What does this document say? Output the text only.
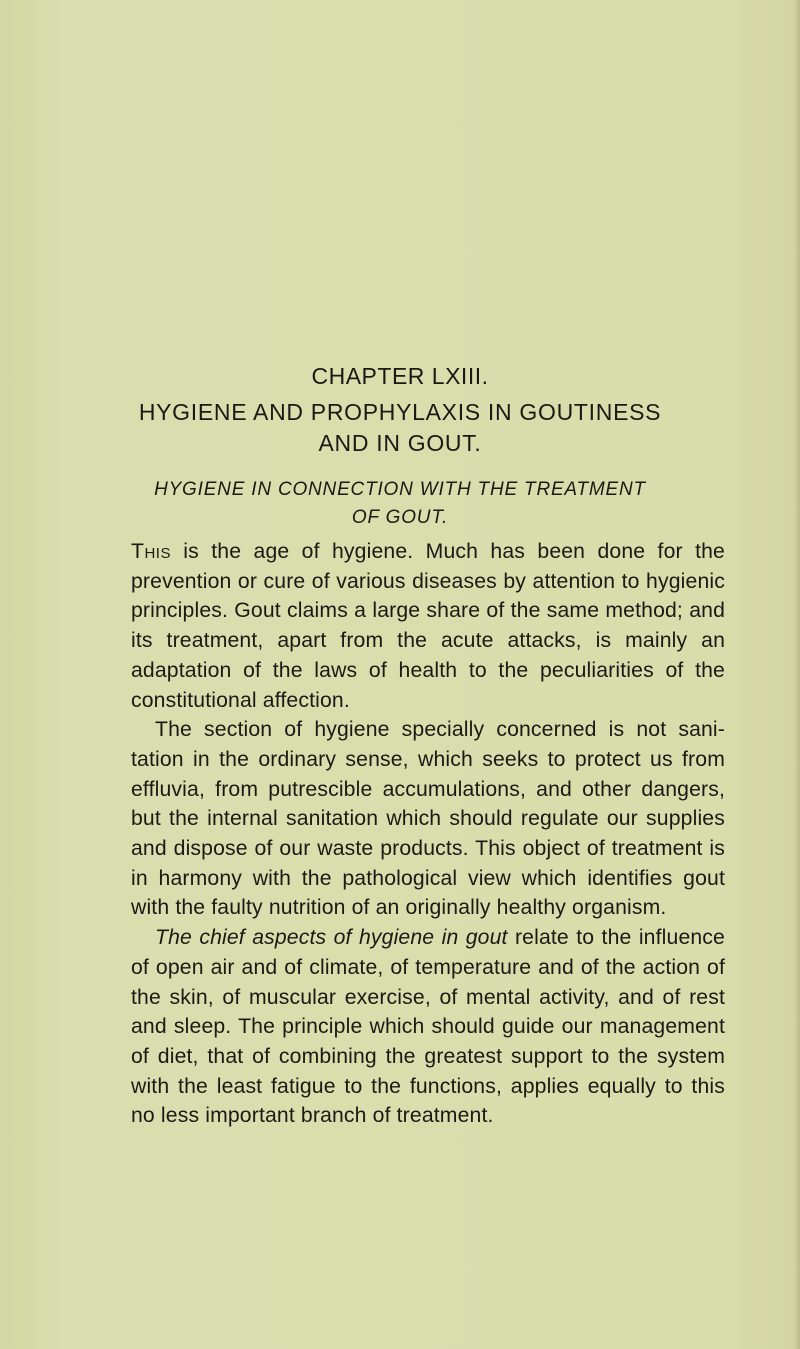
CHAPTER LXIII.
HYGIENE AND PROPHYLAXIS IN GOUTINESS
AND IN GOUT.
HYGIENE IN CONNECTION WITH THE TREATMENT
OF GOUT.

This is the age of hygiene. Much has been done for the prevention or cure of various diseases by attention to hygienic principles. Gout claims a large share of the same method; and its treatment, apart from the acute attacks, is mainly an adaptation of the laws of health to the peculiarities of the constitutional affection.

The section of hygiene specially concerned is not sani-tation in the ordinary sense, which seeks to protect us from effluvia, from putrescible accumulations, and other dangers, but the internal sanitation which should regulate our supplies and dispose of our waste products. This object of treatment is in harmony with the pathological view which identifies gout with the faulty nutrition of an originally healthy organism.

The chief aspects of hygiene in gout relate to the influence of open air and of climate, of temperature and of the action of the skin, of muscular exercise, of mental activity, and of rest and sleep. The principle which should guide our management of diet, that of combining the greatest support to the system with the least fatigue to the functions, applies equally to this no less important branch of treatment.
